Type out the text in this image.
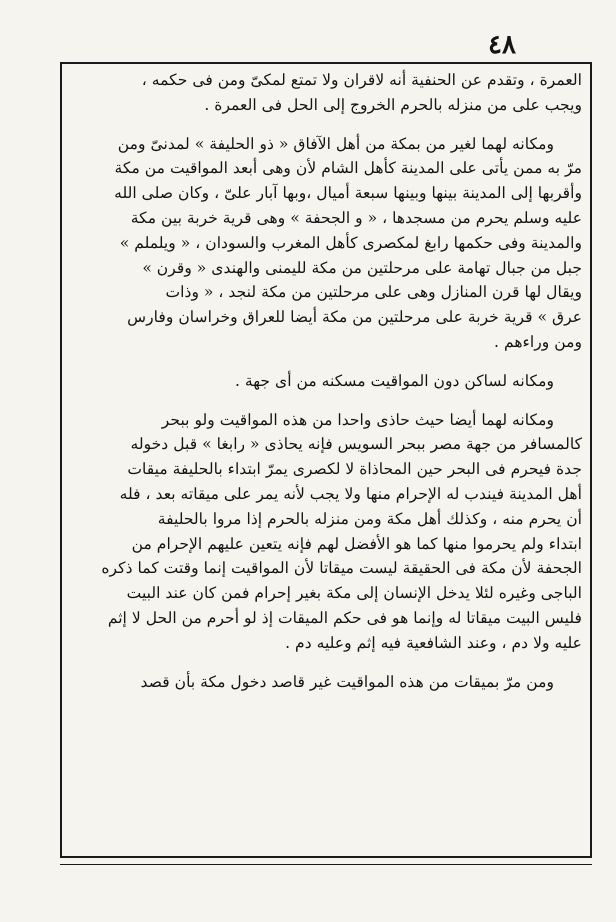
٤٨
العمرة ، وتقدم عن الحنفية أنه لاقران ولا تمتع لمكىّ ومن فى حكمه ،
ويجب على من منزله بالحرم الخروج إلى الحل فى العمرة .
ومكانه لهما لغير من بمكة من أهل الآفاق « ذو الحليفة » لمدنىّ ومن
مرّ به ممن يأتى على المدينة كأهل الشام لأن وهى أبعد المواقيت من مكة
وأقربها إلى المدينة بينها وبينها سبعة أميال ،وبها آبار علىّ ، وكان صلى الله
عليه وسلم يحرم من مسجدها ، « و الجحفة » وهى قرية خربة بين مكة
والمدينة وفى حكمها رابغ لمكصرى كأهل المغرب والسودان ، « ويلملم »
جبل من جبال تهامة على مرحلتين من مكة لليمنى والهندى « وقرن »
ويقال لها قرن المنازل وهى على مرحلتين من مكة لنجد ، « وذات
عرق » قرية خربة على مرحلتين من مكة أيضا للعراق وخراسان وفارس
ومن وراءهم .
ومكانه لساكن دون المواقيت مسكنه من أى جهة .
ومكانه لهما أيضا حيث حاذى واحدا من هذه المواقيت ولو ببحر
كالمسافر من جهة مصر ببحر السويس فإنه يحاذى « رابغا » قبل دخوله
جدة فيحرم فى البحر حين المحاذاة لا لكصرى يمرّ ابتداء بالحليفة ميقات
أهل المدينة فيندب له الإحرام منها ولا يجب لأنه يمر على ميقاته بعد ، فله
أن يحرم منه ، وكذلك أهل مكة ومن منزله بالحرم إذا مروا بالحليفة
ابتداء ولم يحرموا منها كما هو الأفضل لهم فإنه يتعين عليهم الإحرام من
الجحفة لأن مكة فى الحقيقة ليست ميقاتا لأن المواقيت إنما وقتت كما ذكره
الباجى وغيره لئلا يدخل الإنسان إلى مكة بغير إحرام فمن كان عند البيت
فليس البيت ميقاتا له وإنما هو فى حكم الميقات إذ لو أحرم من الحل لا إثم
عليه ولا دم ، وعند الشافعية فيه إثم وعليه دم .
ومن مرّ بميقات من هذه المواقيت غير قاصد دخول مكة بأن قصد
